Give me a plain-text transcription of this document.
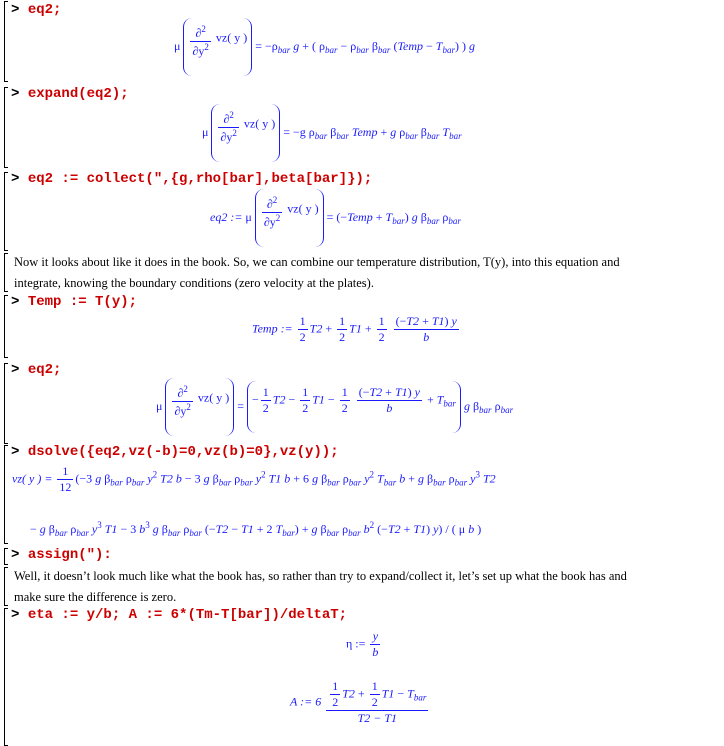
> eq2;
μ $\frac{\partial^2}{\partial y^2} vz$( y ) = $-\rho_{bar}$ g + ( $\rho_{bar} - \rho_{bar}$ $\beta_{bar}$ (Temp − $T_{bar}$) ) g
> expand(eq2);
μ $\frac{\partial^2}{\partial y^2} vz$( y ) = −g $\rho_{bar}$ $\beta_{bar}$ Temp + g $\rho_{bar}$ $\beta_{bar}$ $T_{bar}$
> eq2 := collect(",{g,rho[bar],beta[bar]});
eq2 := μ $\frac{\partial^2}{\partial y^2} vz$( y ) = (−Temp + $T_{bar}$) g $\beta_{bar}$ $\rho_{bar}$
Now it looks about like it does in the book. So, we can combine our temperature distribution, T(y), into this equation and
integrate, knowing the boundary conditions (zero velocity at the plates).
> Temp := T(y);
Temp := $\frac{1}{2} T2 + \frac{1}{2} T1 + \frac{1}{2}$
$\frac{(-T2 + T1) y}{b}$
> eq2;
μ $\frac{\partial^2}{\partial y^2} vz$( y ) = − $\frac{1}{2} T2 - \frac{1}{2} T1 - \frac{1}{2}$
$\frac{(-T2 + T1) y}{b} + T_{bar}$ g $\beta_{bar}$ $\rho_{bar}$
> dsolve({eq2,vz(-b)=0,vz(b)=0},vz(y));
vz( y ) = $\frac{1}{12} (-3$ g $\beta_{bar}$ $\rho_{bar}$ $y^2$ T2 b − 3 g $\beta_{bar}$ $\rho_{bar}$ $y^2$ T1 b + 6 g $\beta_{bar}$ $\rho_{bar}$ $y^2$ $T_{bar}$ b + g $\beta_{bar}$ $\rho_{bar}$ $y^3$ T2
− g $\beta_{bar}$ $\rho_{bar}$ $y^3$ T1 − 3 $b^3$ g $\beta_{bar}$ $\rho_{bar}$ (−T2 − T1 + 2 $T_{bar}) + g$ $\beta_{bar}$ $\rho_{bar}$ $b^2$ (−T2 + T1) y) / ( μ b )
> assign("):
Well, it doesn’t look much like what the book has, so rather than try to expand/collect it, let’s set up what the book has and
make sure the difference is zero.
> eta := y/b; A := 6*(Tm-T[bar])/deltaT;
η := $\frac{y}{b}$
A := $6 \frac{\frac{1}{2} T2 + \frac{1}{2} T1 - T_{bar}}{T2 - T1}$
